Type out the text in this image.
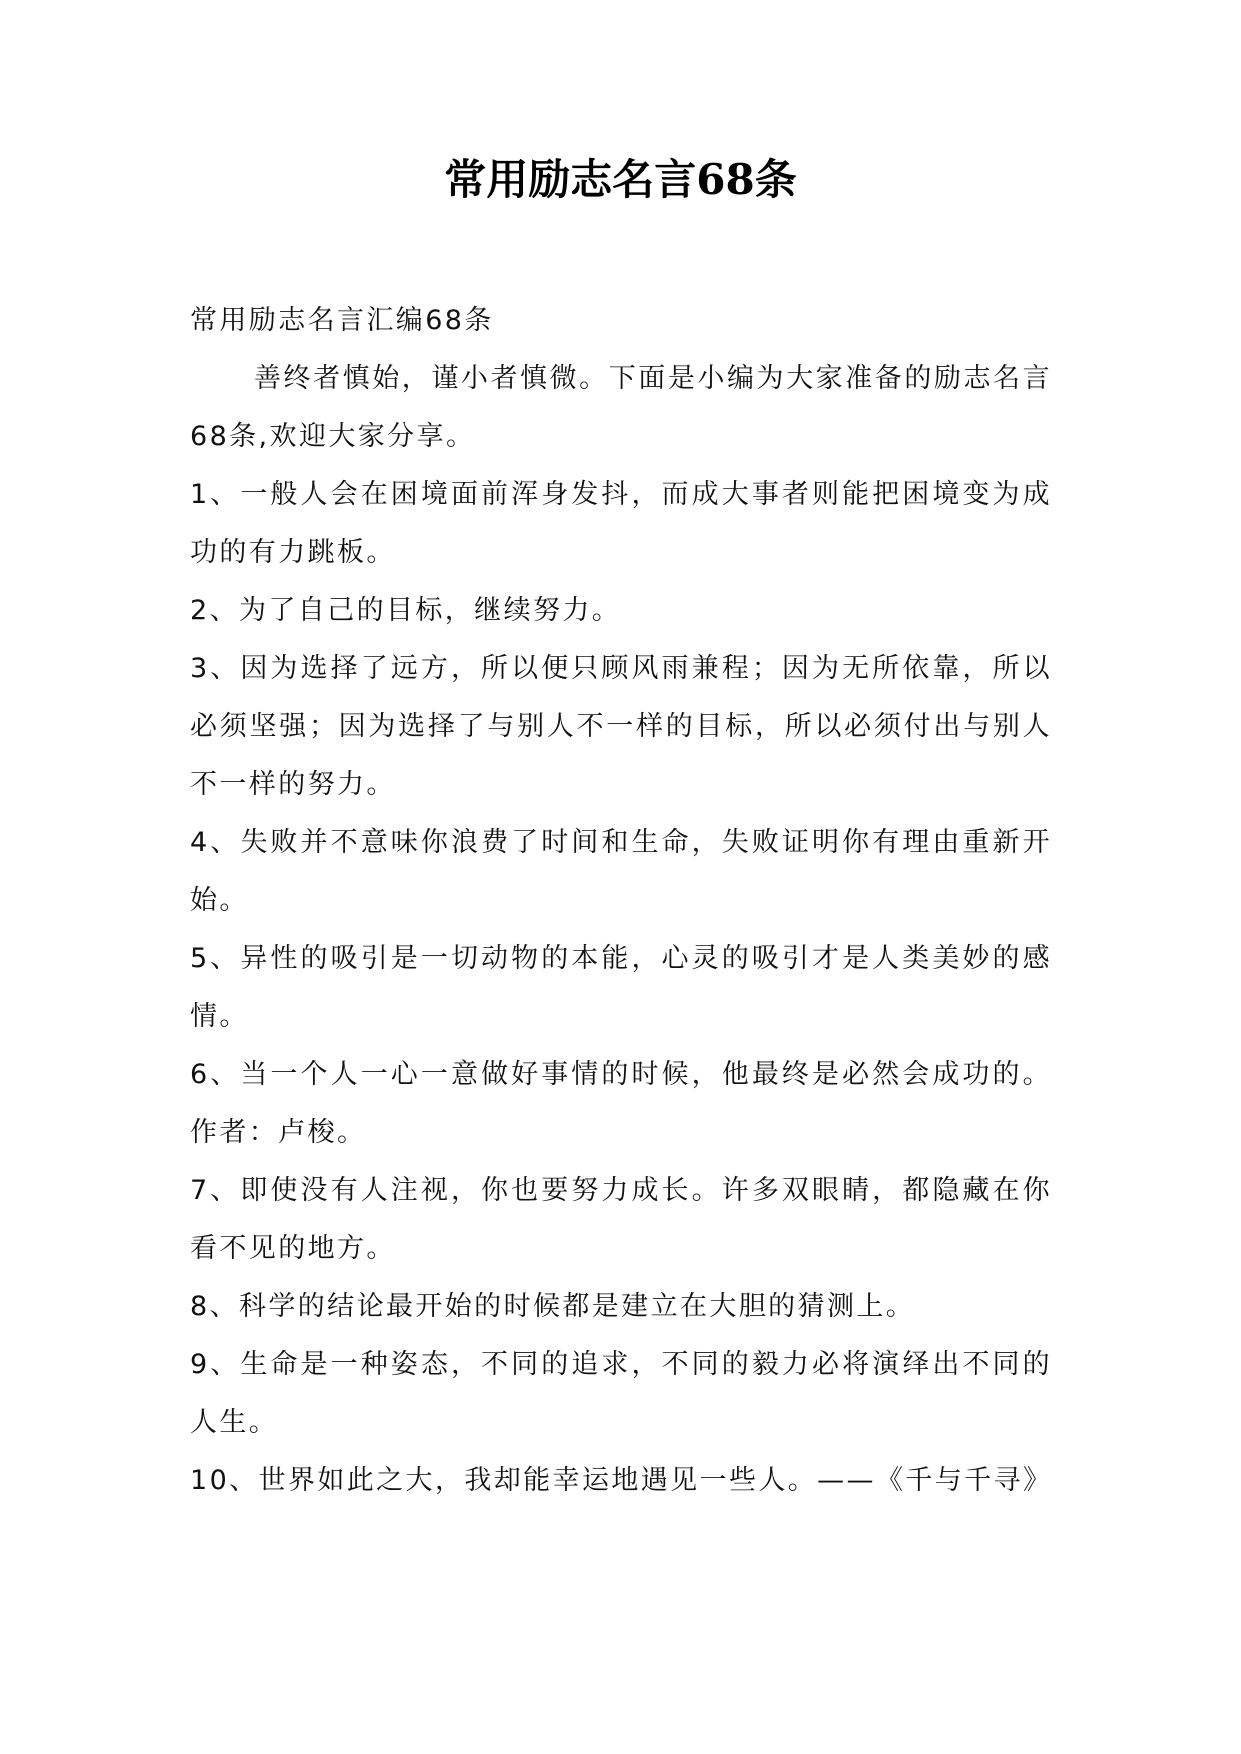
常用励志名言68条

常用励志名言汇编68条

善终者慎始，谨小者慎微。下面是小编为大家准备的励志名言68条,欢迎大家分享。

1、一般人会在困境面前浑身发抖，而成大事者则能把困境变为成功的有力跳板。

2、为了自己的目标，继续努力。

3、因为选择了远方，所以便只顾风雨兼程；因为无所依靠，所以必须坚强；因为选择了与别人不一样的目标，所以必须付出与别人不一样的努力。

4、失败并不意味你浪费了时间和生命，失败证明你有理由重新开始。

5、异性的吸引是一切动物的本能，心灵的吸引才是人类美妙的感情。

6、当一个人一心一意做好事情的时候，他最终是必然会成功的。作者：卢梭。

7、即使没有人注视，你也要努力成长。许多双眼睛，都隐藏在你看不见的地方。

8、科学的结论最开始的时候都是建立在大胆的猜测上。

9、生命是一种姿态，不同的追求，不同的毅力必将演绎出不同的人生。

10、世界如此之大，我却能幸运地遇见一些人。——《千与千寻》
